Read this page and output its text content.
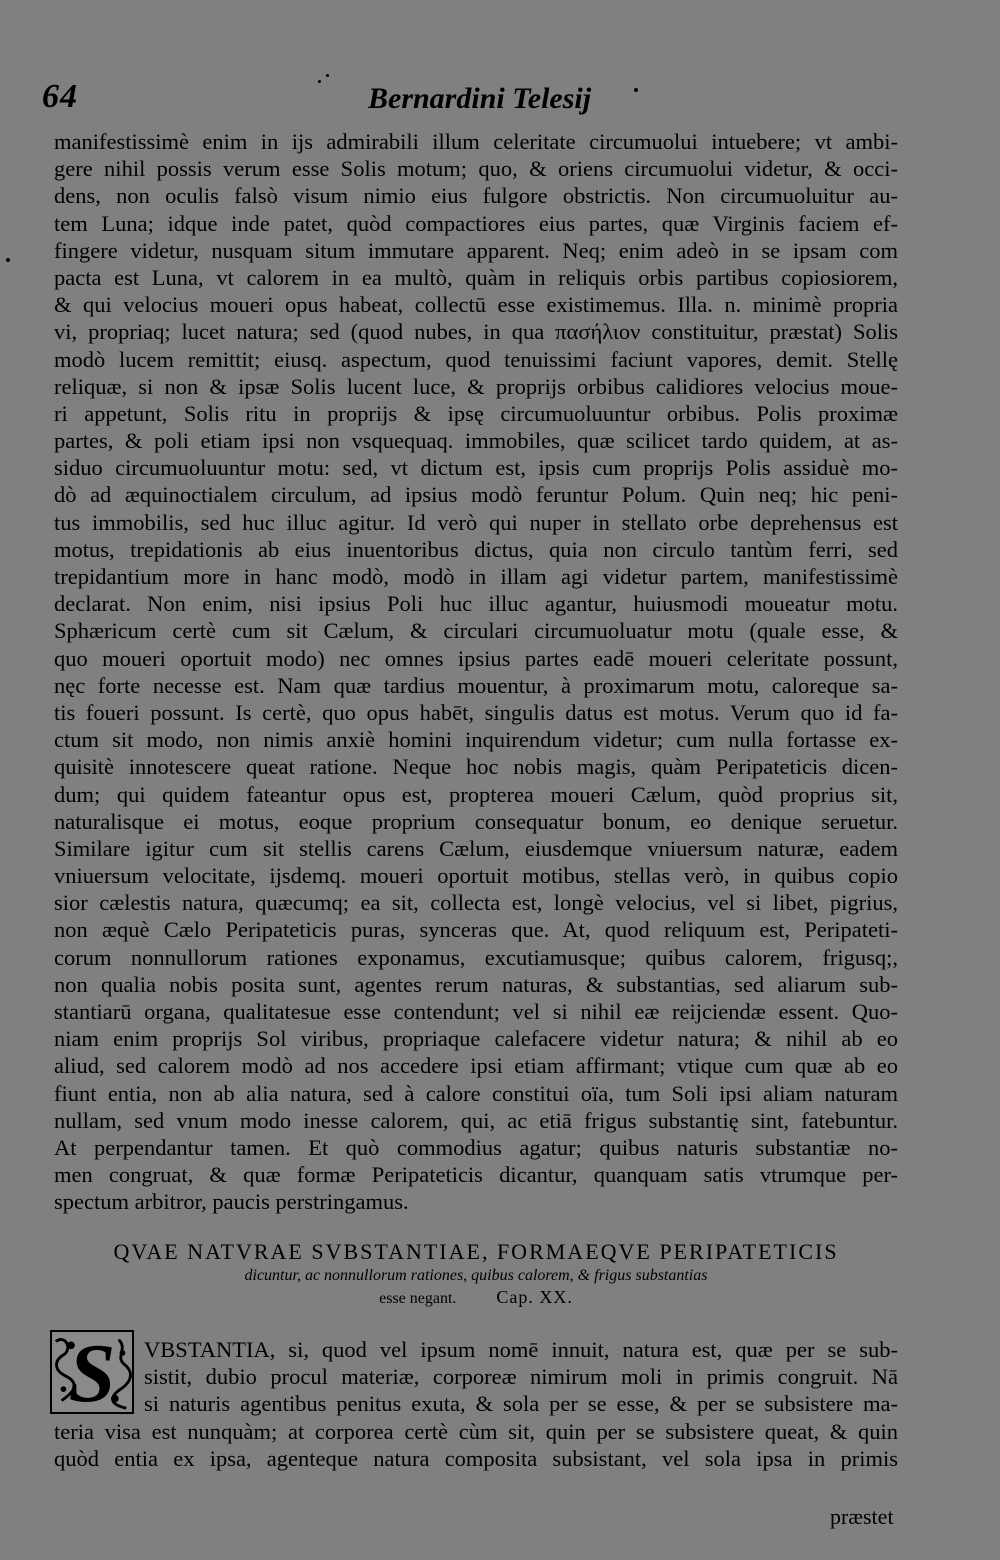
64	Bernardini Telesij
manifestissimè enim in ijs admirabili illum celeritate circumuolui intuebere; vt ambi-
gere nihil possis verum esse Solis motum; quo, & oriens circumuolui videtur, & occi-
dens, non oculis falsò visum nimio eius fulgore obstrictis. Non circumuoluitur au-
tem Luna; idque inde patet, quòd compactiores eius partes, quæ Virginis faciem ef-
fingere videtur, nusquam situm immutare apparent. Neq; enim adeò in se ipsam com
pacta est Luna, vt calorem in ea multò, quàm in reliquis orbis partibus copiosiorem,
& qui velocius moueri opus habeat, collectū esse existimemus. Illa. n. minimè propria
vi, propriaq; lucet natura; sed (quod nubes, in qua πασήλιον constituitur, præstat) Solis
modò lucem remittit; eiusq. aspectum, quod tenuissimi faciunt vapores, demit. Stellę
reliquæ, si non & ipsæ Solis lucent luce, & proprijs orbibus calidiores velocius moue-
ri appetunt, Solis ritu in proprijs & ipsę circumuoluuntur orbibus. Polis proximæ
partes, & poli etiam ipsi non vsquequaq. immobiles, quæ scilicet tardo quidem, at as-
siduo circumuoluuntur motu: sed, vt dictum est, ipsis cum proprijs Polis assiduè mo-
dò ad æquinoctialem circulum, ad ipsius modò feruntur Polum. Quin neq; hic peni-
tus immobilis, sed huc illuc agitur. Id verò qui nuper in stellato orbe deprehensus est
motus, trepidationis ab eius inuentoribus dictus, quia non circulo tantùm ferri, sed
trepidantium more in hanc modò, modò in illam agi videtur partem, manifestissimè
declarat. Non enim, nisi ipsius Poli huc illuc agantur, huiusmodi moueatur motu.
Sphæricum certè cum sit Cælum, & circulari circumuoluatur motu (quale esse, &
quo moueri oportuit modo) nec omnes ipsius partes eadē moueri celeritate possunt,
nęc forte necesse est. Nam quæ tardius mouentur, à proximarum motu, caloreque sa-
tis foueri possunt. Is certè, quo opus habēt, singulis datus est motus. Verum quo id fa-
ctum sit modo, non nimis anxiè homini inquirendum videtur; cum nulla fortasse ex-
quisitè innotescere queat ratione. Neque hoc nobis magis, quàm Peripateticis dicen-
dum; qui quidem fateantur opus est, propterea moueri Cælum, quòd proprius sit,
naturalisque ei motus, eoque proprium consequatur bonum, eo denique seruetur.
Similare igitur cum sit stellis carens Cælum, eiusdemque vniuersum naturæ, eadem
vniuersum velocitate, ijsdemq. moueri oportuit motibus, stellas verò, in quibus copio
sior cælestis natura, quæcumq; ea sit, collecta est, longè velocius, vel si libet, pigrius,
non æquè Cælo Peripateticis puras, synceras que. At, quod reliquum est, Peripateti-
corum nonnullorum rationes exponamus, excutiamusque; quibus calorem, frigusq;,
non qualia nobis posita sunt, agentes rerum naturas, & substantias, sed aliarum sub-
stantiarū organa, qualitatesue esse contendunt; vel si nihil eæ reijciendæ essent. Quo-
niam enim proprijs Sol viribus, propriaque calefacere videtur natura; & nihil ab eo
aliud, sed calorem modò ad nos accedere ipsi etiam affirmant; vtique cum quæ ab eo
fiunt entia, non ab alia natura, sed à calore constitui oïa, tum Soli ipsi aliam naturam
nullam, sed vnum modo inesse calorem, qui, ac etiā frigus substantię sint, fatebuntur.
At perpendantur tamen. Et quò commodius agatur; quibus naturis substantiæ no-
men congruat, & quæ formæ Peripateticis dicantur, quanquam satis vtrumque per-
spectum arbitror, paucis perstringamus.
QVAE NATVRAE SVBSTANTIAE, FORMAEQVE PERIPATETICIS
dicuntur, ac nonnullorum rationes, quibus calorem, & frigus substantias
esse negant. Cap. XX.
S	VBSTANTIA, si, quod vel ipsum nomē innuit, natura est, quæ per se sub-
sistit, dubio procul materiæ, corporeæ nimirum moli in primis congruit. Nā
si naturis agentibus penitus exuta, & sola per se esse, & per se subsistere ma-
teria visa est nunquàm; at corporea certè cùm sit, quin per se subsistere queat, & quin
quòd entia ex ipsa, agenteque natura composita subsistant, vel sola ipsa in primis
præstet
